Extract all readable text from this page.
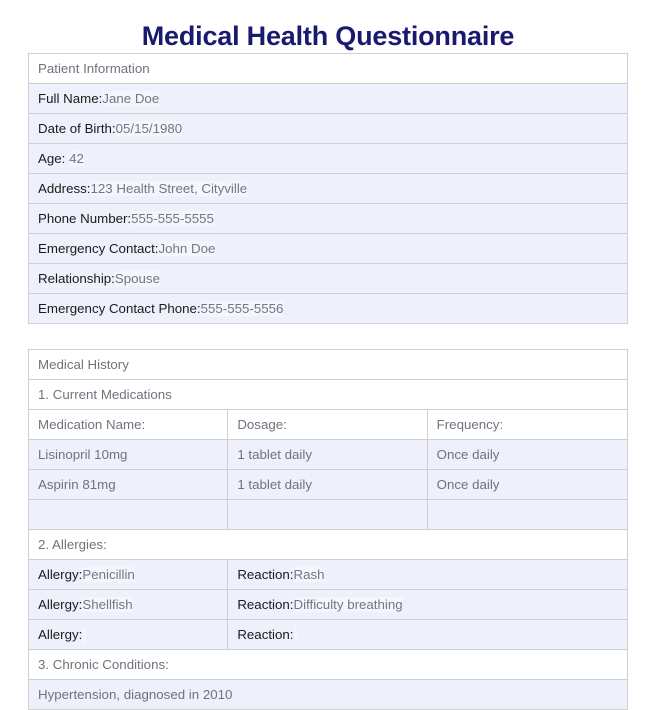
Medical Health Questionnaire
Patient Information
Full Name:Jane Doe
Date of Birth:05/15/1980
Age: 42
Address:123 Health Street, Cityville
Phone Number:555-555-5555
Emergency Contact:John Doe
Relationship:Spouse
Emergency Contact Phone:555-555-5556
Medical History		
1. Current Medications		
Medication Name:	Dosage:	Frequency:
Lisinopril 10mg	1 tablet daily	Once daily
Aspirin 81mg	1 tablet daily	Once daily

2. Allergies:		
Allergy:Penicillin	Reaction:Rash	
Allergy:Shellfish	Reaction:Difficulty breathing	
Allergy:	Reaction:	
3. Chronic Conditions:		
Hypertension, diagnosed in 2010		
